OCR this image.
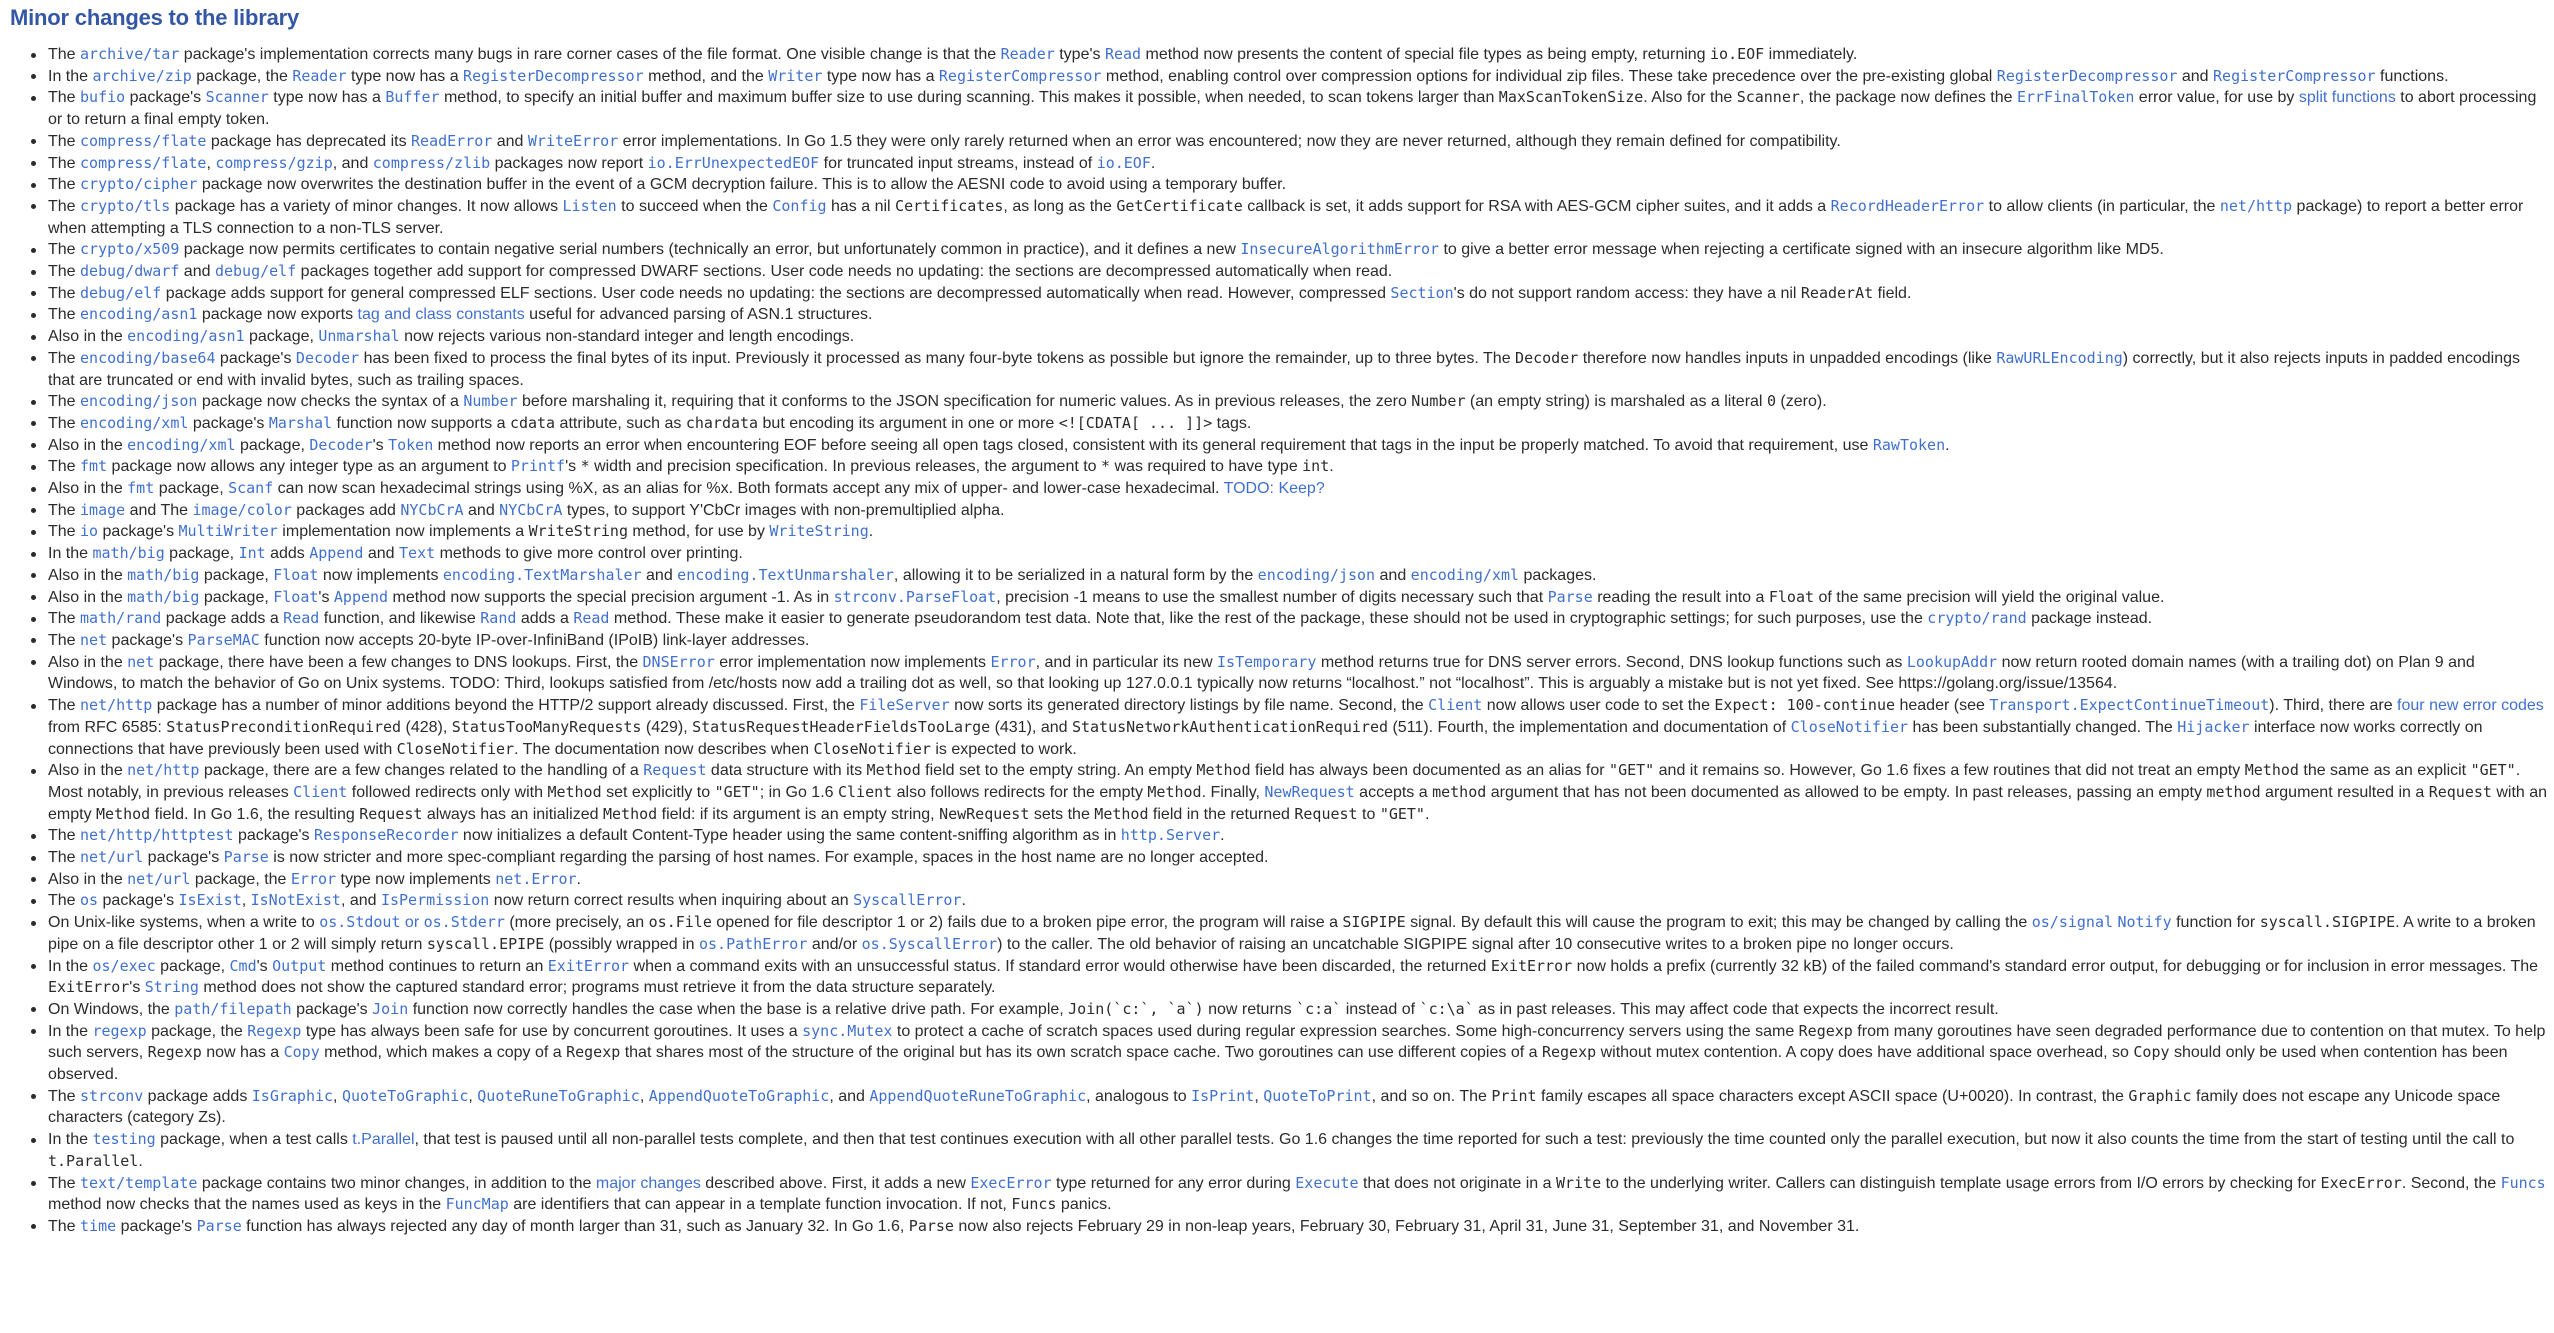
Minor changes to the library
The archive/tar package's implementation corrects many bugs in rare corner cases of the file format. One visible change is that the Reader type's Read method now presents the content of special file types as being empty, returning io.EOF immediately.
In the archive/zip package, the Reader type now has a RegisterDecompressor method, and the Writer type now has a RegisterCompressor method, enabling control over compression options for individual zip files. These take precedence over the pre-existing global RegisterDecompressor and RegisterCompressor functions.
The bufio package's Scanner type now has a Buffer method, to specify an initial buffer and maximum buffer size to use during scanning. This makes it possible, when needed, to scan tokens larger than MaxScanTokenSize. Also for the Scanner, the package now defines the ErrFinalToken error value, for use by split functions to abort processing or to return a final empty token.
The compress/flate package has deprecated its ReadError and WriteError error implementations. In Go 1.5 they were only rarely returned when an error was encountered; now they are never returned, although they remain defined for compatibility.
The compress/flate, compress/gzip, and compress/zlib packages now report io.ErrUnexpectedEOF for truncated input streams, instead of io.EOF.
The crypto/cipher package now overwrites the destination buffer in the event of a GCM decryption failure. This is to allow the AESNI code to avoid using a temporary buffer.
The crypto/tls package has a variety of minor changes. It now allows Listen to succeed when the Config has a nil Certificates, as long as the GetCertificate callback is set, it adds support for RSA with AES-GCM cipher suites, and it adds a RecordHeaderError to allow clients (in particular, the net/http package) to report a better error when attempting a TLS connection to a non-TLS server.
The crypto/x509 package now permits certificates to contain negative serial numbers (technically an error, but unfortunately common in practice), and it defines a new InsecureAlgorithmError to give a better error message when rejecting a certificate signed with an insecure algorithm like MD5.
The debug/dwarf and debug/elf packages together add support for compressed DWARF sections. User code needs no updating: the sections are decompressed automatically when read.
The debug/elf package adds support for general compressed ELF sections. User code needs no updating: the sections are decompressed automatically when read. However, compressed Section's do not support random access: they have a nil ReaderAt field.
The encoding/asn1 package now exports tag and class constants useful for advanced parsing of ASN.1 structures.
Also in the encoding/asn1 package, Unmarshal now rejects various non-standard integer and length encodings.
The encoding/base64 package's Decoder has been fixed to process the final bytes of its input. Previously it processed as many four-byte tokens as possible but ignore the remainder, up to three bytes. The Decoder therefore now handles inputs in unpadded encodings (like RawURLEncoding) correctly, but it also rejects inputs in padded encodings that are truncated or end with invalid bytes, such as trailing spaces.
The encoding/json package now checks the syntax of a Number before marshaling it, requiring that it conforms to the JSON specification for numeric values. As in previous releases, the zero Number (an empty string) is marshaled as a literal 0 (zero).
The encoding/xml package's Marshal function now supports a cdata attribute, such as chardata but encoding its argument in one or more <![CDATA[ ... ]]> tags.
Also in the encoding/xml package, Decoder's Token method now reports an error when encountering EOF before seeing all open tags closed, consistent with its general requirement that tags in the input be properly matched. To avoid that requirement, use RawToken.
The fmt package now allows any integer type as an argument to Printf's * width and precision specification. In previous releases, the argument to * was required to have type int.
Also in the fmt package, Scanf can now scan hexadecimal strings using %X, as an alias for %x. Both formats accept any mix of upper- and lower-case hexadecimal. TODO: Keep?
The image and The image/color packages add NYCbCrA and NYCbCrA types, to support Y'CbCr images with non-premultiplied alpha.
The io package's MultiWriter implementation now implements a WriteString method, for use by WriteString.
In the math/big package, Int adds Append and Text methods to give more control over printing.
Also in the math/big package, Float now implements encoding.TextMarshaler and encoding.TextUnmarshaler, allowing it to be serialized in a natural form by the encoding/json and encoding/xml packages.
Also in the math/big package, Float's Append method now supports the special precision argument -1. As in strconv.ParseFloat, precision -1 means to use the smallest number of digits necessary such that Parse reading the result into a Float of the same precision will yield the original value.
The math/rand package adds a Read function, and likewise Rand adds a Read method. These make it easier to generate pseudorandom test data. Note that, like the rest of the package, these should not be used in cryptographic settings; for such purposes, use the crypto/rand package instead.
The net package's ParseMAC function now accepts 20-byte IP-over-InfiniBand (IPoIB) link-layer addresses.
Also in the net package, there have been a few changes to DNS lookups. First, the DNSError error implementation now implements Error, and in particular its new IsTemporary method returns true for DNS server errors. Second, DNS lookup functions such as LookupAddr now return rooted domain names (with a trailing dot) on Plan 9 and Windows, to match the behavior of Go on Unix systems. TODO: Third, lookups satisfied from /etc/hosts now add a trailing dot as well, so that looking up 127.0.0.1 typically now returns “localhost.” not “localhost”. This is arguably a mistake but is not yet fixed. See https://golang.org/issue/13564.
The net/http package has a number of minor additions beyond the HTTP/2 support already discussed. First, the FileServer now sorts its generated directory listings by file name. Second, the Client now allows user code to set the Expect: 100-continue header (see Transport.ExpectContinueTimeout). Third, there are four new error codes from RFC 6585: StatusPreconditionRequired (428), StatusTooManyRequests (429), StatusRequestHeaderFieldsTooLarge (431), and StatusNetworkAuthenticationRequired (511). Fourth, the implementation and documentation of CloseNotifier has been substantially changed. The Hijacker interface now works correctly on connections that have previously been used with CloseNotifier. The documentation now describes when CloseNotifier is expected to work.
Also in the net/http package, there are a few changes related to the handling of a Request data structure with its Method field set to the empty string. An empty Method field has always been documented as an alias for "GET" and it remains so. However, Go 1.6 fixes a few routines that did not treat an empty Method the same as an explicit "GET". Most notably, in previous releases Client followed redirects only with Method set explicitly to "GET"; in Go 1.6 Client also follows redirects for the empty Method. Finally, NewRequest accepts a method argument that has not been documented as allowed to be empty. In past releases, passing an empty method argument resulted in a Request with an empty Method field. In Go 1.6, the resulting Request always has an initialized Method field: if its argument is an empty string, NewRequest sets the Method field in the returned Request to "GET".
The net/http/httptest package's ResponseRecorder now initializes a default Content-Type header using the same content-sniffing algorithm as in http.Server.
The net/url package's Parse is now stricter and more spec-compliant regarding the parsing of host names. For example, spaces in the host name are no longer accepted.
Also in the net/url package, the Error type now implements net.Error.
The os package's IsExist, IsNotExist, and IsPermission now return correct results when inquiring about an SyscallError.
On Unix-like systems, when a write to os.Stdout or os.Stderr (more precisely, an os.File opened for file descriptor 1 or 2) fails due to a broken pipe error, the program will raise a SIGPIPE signal. By default this will cause the program to exit; this may be changed by calling the os/signal Notify function for syscall.SIGPIPE. A write to a broken pipe on a file descriptor other 1 or 2 will simply return syscall.EPIPE (possibly wrapped in os.PathError and/or os.SyscallError) to the caller. The old behavior of raising an uncatchable SIGPIPE signal after 10 consecutive writes to a broken pipe no longer occurs.
In the os/exec package, Cmd's Output method continues to return an ExitError when a command exits with an unsuccessful status. If standard error would otherwise have been discarded, the returned ExitError now holds a prefix (currently 32 kB) of the failed command's standard error output, for debugging or for inclusion in error messages. The ExitError's String method does not show the captured standard error; programs must retrieve it from the data structure separately.
On Windows, the path/filepath package's Join function now correctly handles the case when the base is a relative drive path. For example, Join(`c:`, `a`) now returns `c:a` instead of `c:\a` as in past releases. This may affect code that expects the incorrect result.
In the regexp package, the Regexp type has always been safe for use by concurrent goroutines. It uses a sync.Mutex to protect a cache of scratch spaces used during regular expression searches. Some high-concurrency servers using the same Regexp from many goroutines have seen degraded performance due to contention on that mutex. To help such servers, Regexp now has a Copy method, which makes a copy of a Regexp that shares most of the structure of the original but has its own scratch space cache. Two goroutines can use different copies of a Regexp without mutex contention. A copy does have additional space overhead, so Copy should only be used when contention has been observed.
The strconv package adds IsGraphic, QuoteToGraphic, QuoteRuneToGraphic, AppendQuoteToGraphic, and AppendQuoteRuneToGraphic, analogous to IsPrint, QuoteToPrint, and so on. The Print family escapes all space characters except ASCII space (U+0020). In contrast, the Graphic family does not escape any Unicode space characters (category Zs).
In the testing package, when a test calls t.Parallel, that test is paused until all non-parallel tests complete, and then that test continues execution with all other parallel tests. Go 1.6 changes the time reported for such a test: previously the time counted only the parallel execution, but now it also counts the time from the start of testing until the call to t.Parallel.
The text/template package contains two minor changes, in addition to the major changes described above. First, it adds a new ExecError type returned for any error during Execute that does not originate in a Write to the underlying writer. Callers can distinguish template usage errors from I/O errors by checking for ExecError. Second, the Funcs method now checks that the names used as keys in the FuncMap are identifiers that can appear in a template function invocation. If not, Funcs panics.
The time package's Parse function has always rejected any day of month larger than 31, such as January 32. In Go 1.6, Parse now also rejects February 29 in non-leap years, February 30, February 31, April 31, June 31, September 31, and November 31.
